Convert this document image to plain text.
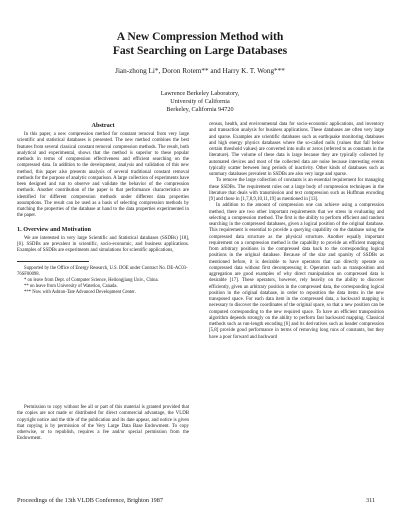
A New Compression Method with
Fast Searching on Large Databases
Jian-zhong Li*, Doron Rotem** and Harry K. T. Wong***
Lawrence Berkeley Laboratory,
University of California
Berkeley, California 94720
Abstract

In this paper, a new compression method for constant removal from very large scientific and statistical databases is presented. The new method combines the best features from several classical constant removal compression methods. The result, both analytical and experimental, shows that the method is superior to these popular methods in terms of compression effectiveness and efficient searching on the compressed data. In addition to the development, analysis and validation of this new method, this paper also presents analysis of several traditional constant removal methods for the purpose of analytic comparison. A large collection of experiments have been designed and run to observe and validate the behavior of the compression methods. Another contribution of the paper is that performance characteristics are identified for different compression methods under different data properties assumptions. The result can be used as a basis of selecting compression methods by matching the properties of the database at hand to the data properties experimented in the paper.

1. Overview and Motivation

We are interested in very large Scientific and Statistical databases (SSDBs) [18], [6]. SSDBs are prevalent in scientific, socio-economic, and business applications. Examples of SSDBs are experiments and simulations for scientific applications,

Supported by the Office of Energy Research, U.S. DOE under Contract No. DE-AC03-76SF00098.

* on leave from Dept. of Computer Science, Heilongjiang Univ., China.

** on leave from University of Waterloo, Canada.

*** Now with Ashton-Tate Advanced Development Center.

Permission to copy without fee all or part of this material is granted provided that the copies are not made or distributed for direct commercial advantage, the VLDB copyright notice and the title of the publication and its date appear, and notice is given that copying is by permission of the Very Large Data Base Endowment. To copy otherwise, or to republish, requires a fee and/or special permission from the Endowment.

census, health, and environmental data for socio-economic applications, and inventory and transaction analysis for business applications. These databases are often very large and sparse. Examples are scientific databases such as earthquake monitoring databases and high energy physics databases where the so-called nulls (values that fall below certain threshold values) are converted into nulls or zeros (referred to as constants in the literature). The volume of these data is large because they are typically collected by automated devices and most of the collected data are noise because interesting events typically scatter between long periods of inactivity. Other kinds of databases such as summary databases prevalent in SSDBs are also very large and sparse.

To remove the large collection of constants is an essential requirement for managing these SSDBs. The requirement rules out a large body of compression techniques in the literature that deals with transmission and text compression such as Huffman encoding [9] and those in [1,7,8,9,10,11,19] as mentioned in [13].

In addition to the amount of compression one can achieve using a compression method, there are two other important requirements that we stress in evaluating and selecting a compression method. The first is the ability to perform efficient and random searching in the compressed databases, given a logical position of the original database. This requirement is essential to provide a querying capability on the database using the compressed data structure as the physical structure. Another equally important requirement on a compression method is the capability to provide an efficient mapping from arbitrary positions in the compressed data back to the corresponding logical positions in the original database. Because of the size and sparsity of SSDBs as mentioned before, it is desirable to have operators that can directly operate on compressed data without first decompressing it. Operators such as transposition and aggregation are good examples of why direct manipulation on compressed data is desirable [17]. These operators, however, rely heavily on the ability to discover efficiently, given an arbitrary position in the compressed data, the corresponding logical position in the original database, in order to reposition the data items in the new transposed space. For each data item in the compressed data, a backward mapping is necessary to discover the coordinates of the original space, so that a new position can be computed corresponding to the new required space. To have an efficient transposition algorithm depends strongly on the ability to perform fast backward mapping. Classical methods such as run-length encoding [6] and its derivatives such as header compression [5,8] provide good performance in terms of removing long runs of constants, but they have a poor forward and backward

Proceedings of the 13th VLDB Conference, Brighton 1987	311
